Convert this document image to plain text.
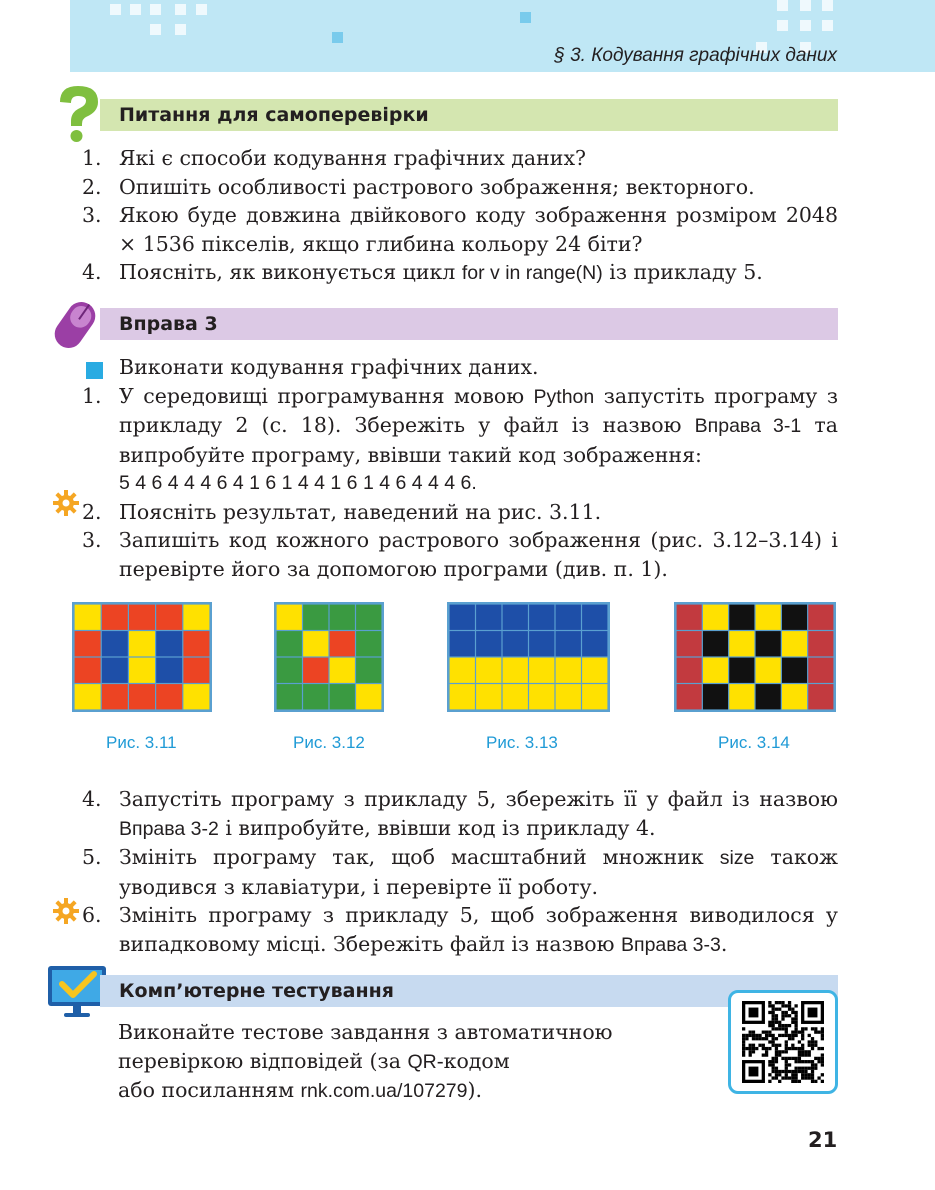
§ 3. Кодування графічних даних
Питання для самоперевірки
1. Які є способи кодування графічних даних?
2. Опишіть особливості растрового зображення; векторного.
3. Якою буде довжина двійкового коду зображення розміром 2048 × 1536 пікселів, якщо глибина кольору 24 біти?
4. Поясніть, як виконується цикл for v in range(N) із прикладу 5.
Вправа 3
Виконати кодування графічних даних.
1. У середовищі програмування мовою Python запустіть програму з прикладу 2 (с. 18). Збережіть у файл із назвою Вправа 3-1 та випробуйте програму, ввівши такий код зображення:
5 4 6 4 4 4 6 4 1 6 1 4 4 1 6 1 4 6 4 4 4 6.
2. Поясніть результат, наведений на рис. 3.11.
3. Запишіть код кожного растрового зображення (рис. 3.12–3.14) і перевірте його за допомогою програми (див. п. 1).
Рис. 3.11	Рис. 3.12	Рис. 3.13	Рис. 3.14
4. Запустіть програму з прикладу 5, збережіть її у файл із назвою Вправа 3-2 і випробуйте, ввівши код із прикладу 4.
5. Змініть програму так, щоб масштабний множник size також уводився з клавіатури, і перевірте її роботу.
6. Змініть програму з прикладу 5, щоб зображення виводилося у випадковому місці. Збережіть файл із назвою Вправа 3-3.
Комп’ютерне тестування
Виконайте тестове завдання з автоматичною
перевіркою відповідей (за QR-кодом
або посиланням rnk.com.ua/107279).
21
